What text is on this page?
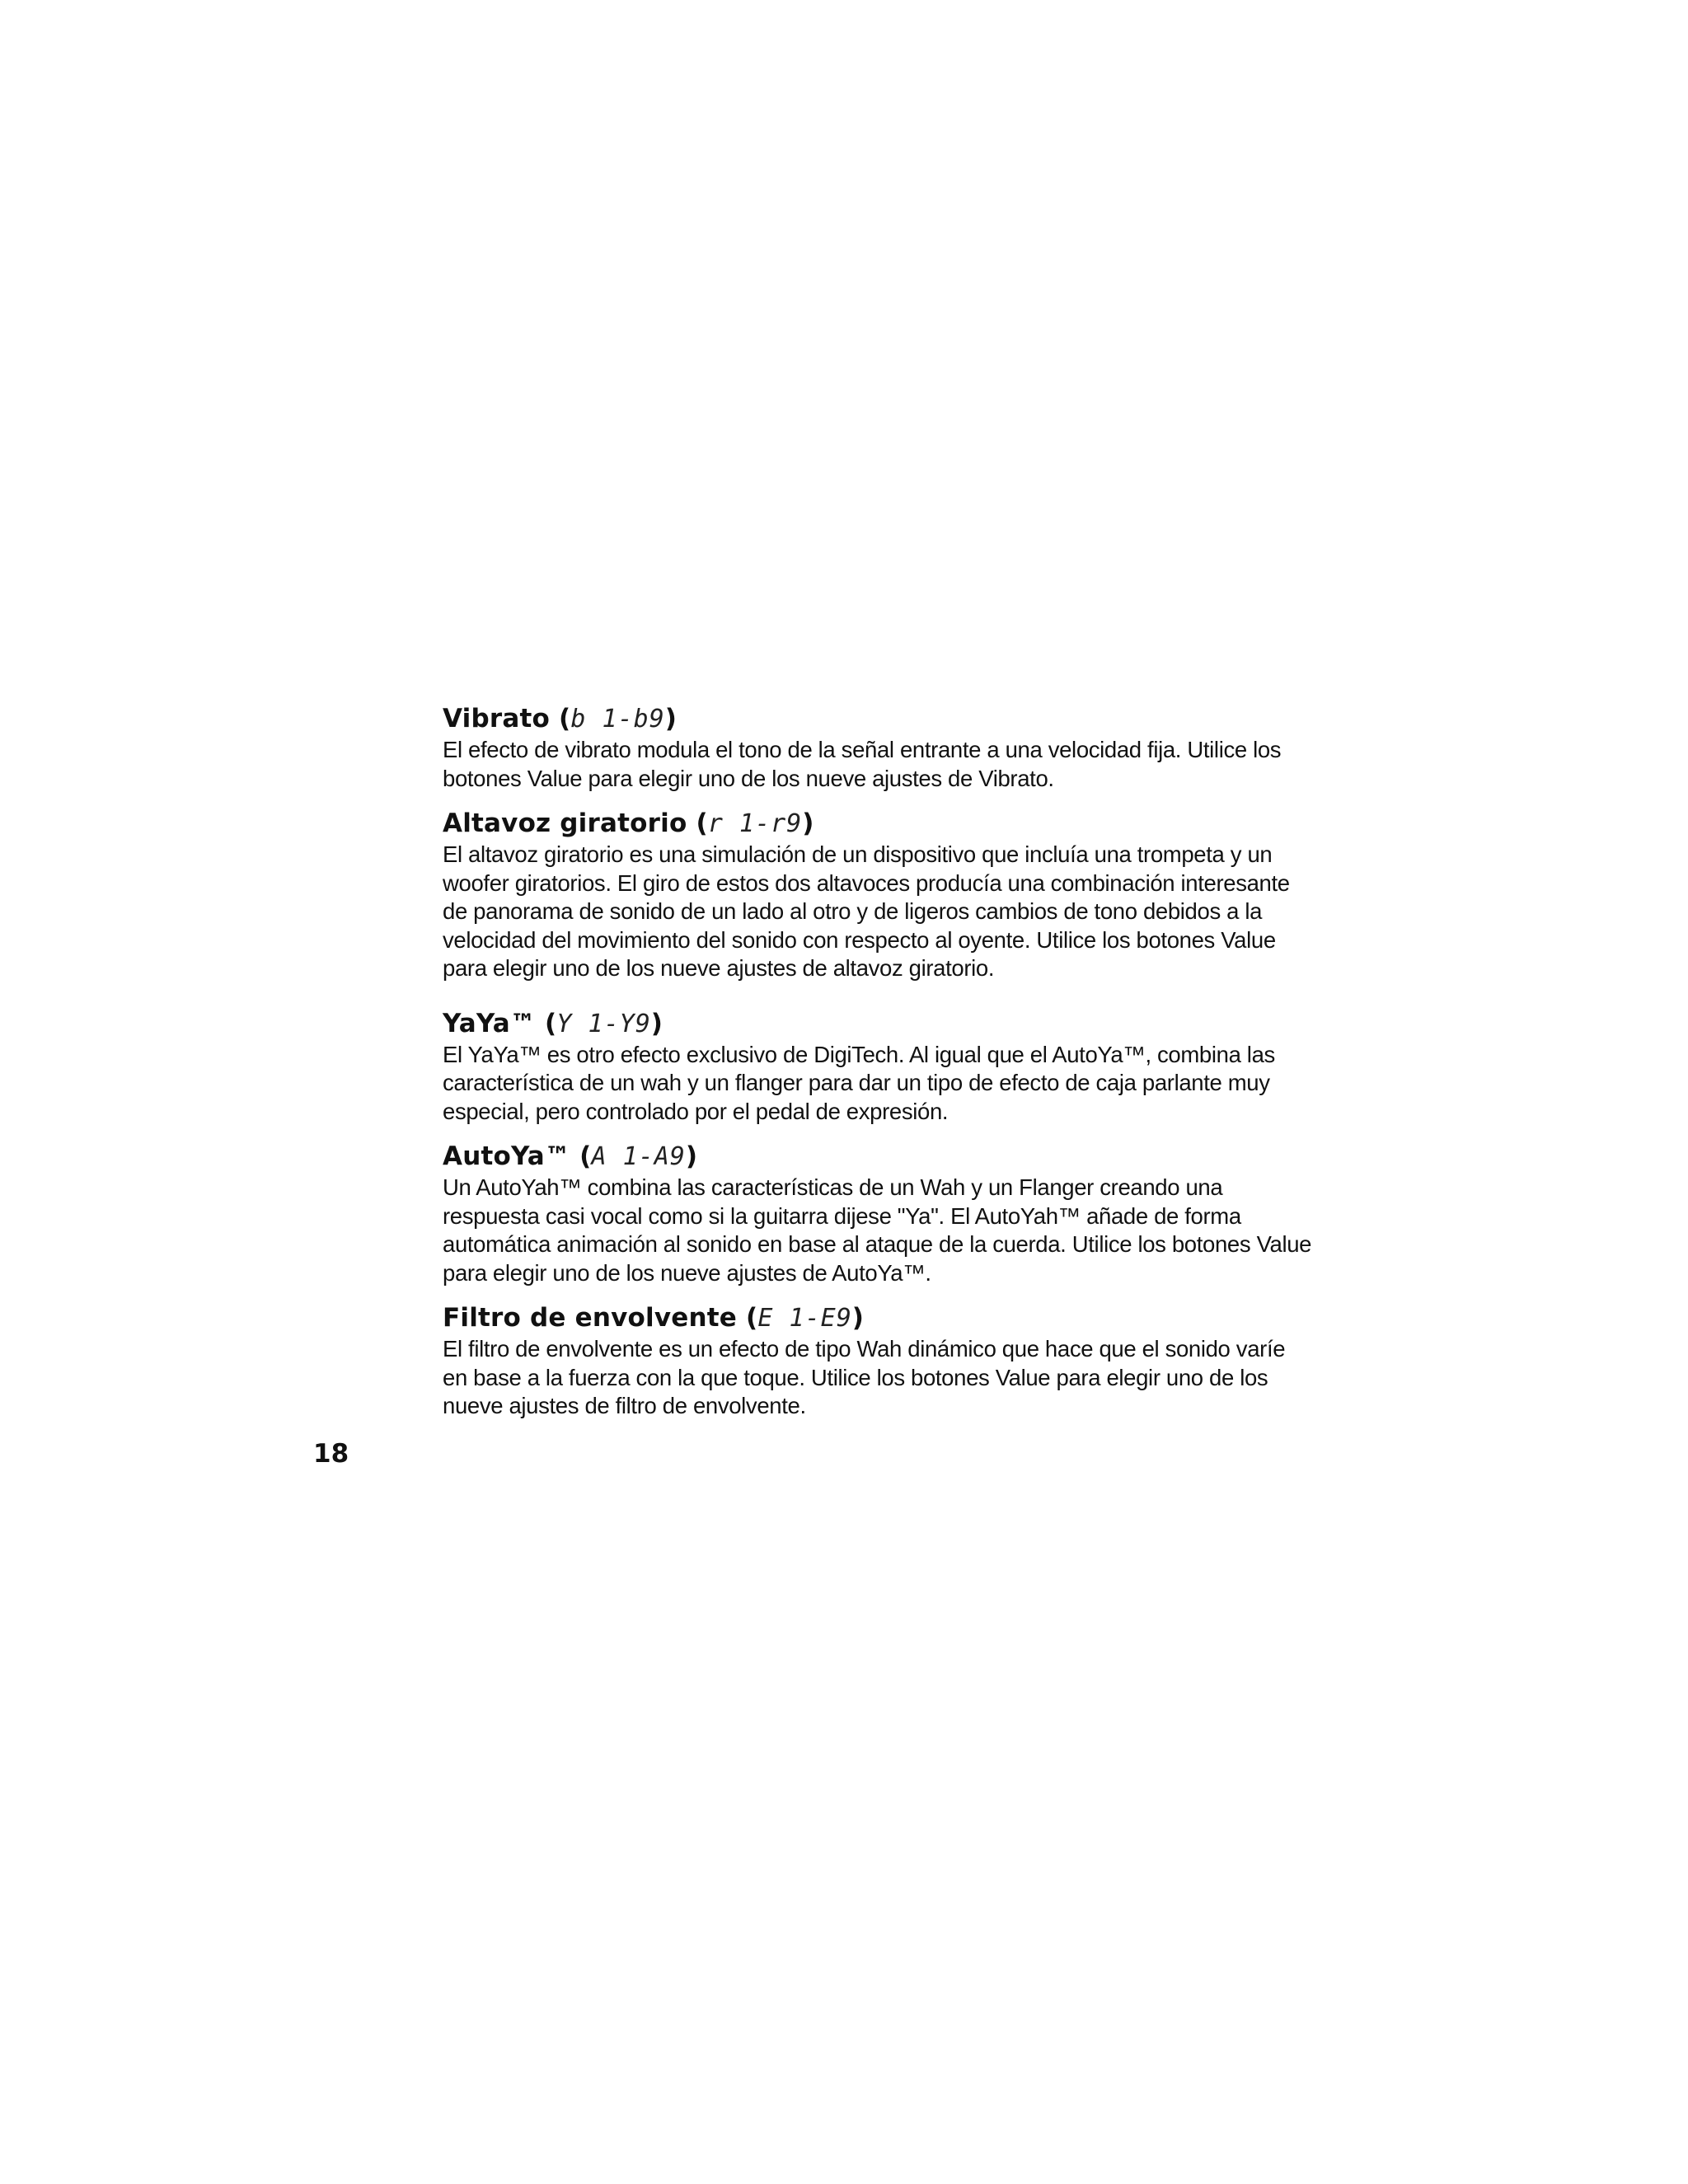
Vibrato (b 1-b9)

El efecto de vibrato modula el tono de la señal entrante a una velocidad fija. Utilice los
botones Value para elegir uno de los nueve ajustes de Vibrato.

Altavoz giratorio (r 1-r9)

El altavoz giratorio es una simulación de un dispositivo que incluía una trompeta y un
woofer giratorios. El giro de estos dos altavoces producía una combinación interesante
de panorama de sonido de un lado al otro y de ligeros cambios de tono debidos a la
velocidad del movimiento del sonido con respecto al oyente. Utilice los botones Value
para elegir uno de los nueve ajustes de altavoz giratorio.

YaYa™ (Y 1-Y9)

El YaYa™ es otro efecto exclusivo de DigiTech. Al igual que el AutoYa™, combina las
característica de un wah y un flanger para dar un tipo de efecto de caja parlante muy
especial, pero controlado por el pedal de expresión.

AutoYa™ (A 1-A9)

Un AutoYah™ combina las características de un Wah y un Flanger creando una
respuesta casi vocal como si la guitarra dijese "Ya". El AutoYah™ añade de forma
automática animación al sonido en base al ataque de la cuerda. Utilice los botones Value
para elegir uno de los nueve ajustes de AutoYa™.

Filtro de envolvente (E 1-E9)

El filtro de envolvente es un efecto de tipo Wah dinámico que hace que el sonido varíe
en base a la fuerza con la que toque. Utilice los botones Value para elegir uno de los
nueve ajustes de filtro de envolvente.

18
